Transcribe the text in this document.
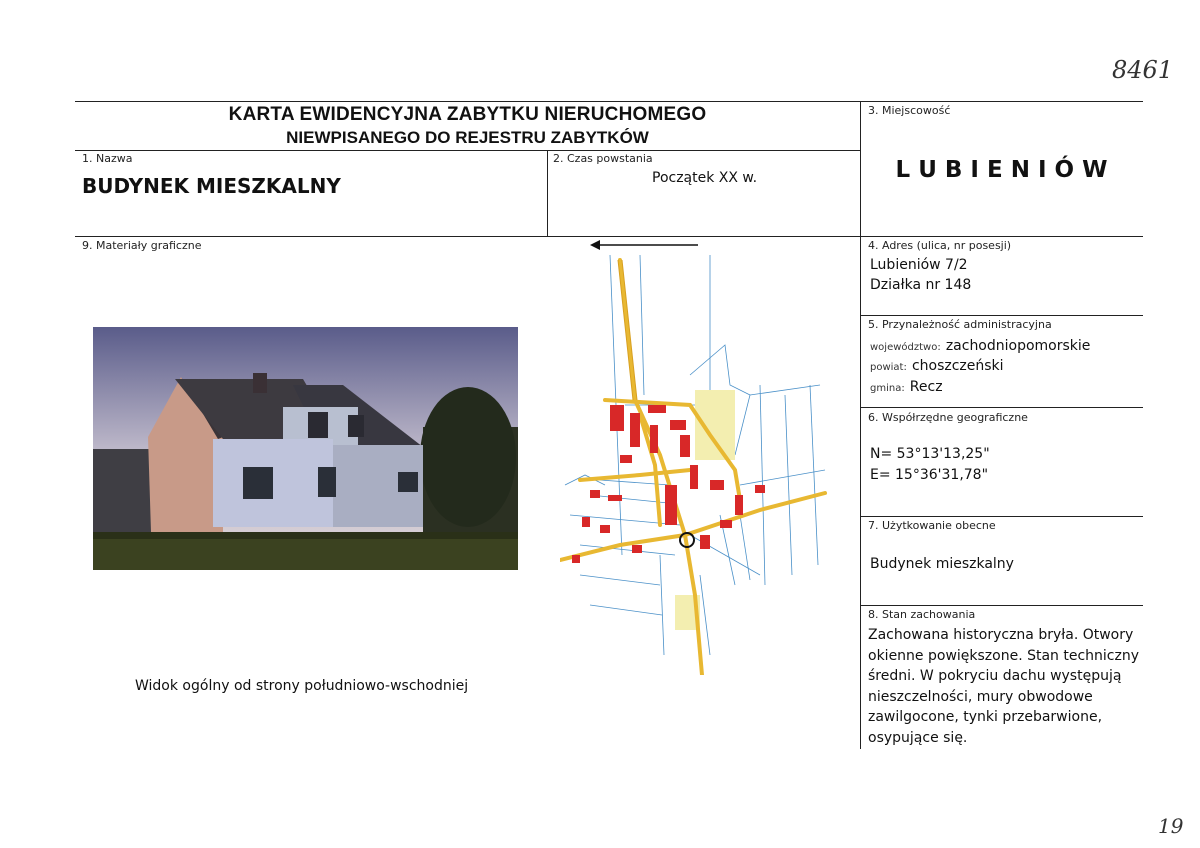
8461
19
KARTA EWIDENCYJNA ZABYTKU NIERUCHOMEGO
NIEWPISANEGO DO REJESTRU ZABYTKÓW
1. Nazwa
BUDYNEK MIESZKALNY
2. Czas powstania
Początek XX w.
3. Miejscowość
L U B I E N I Ó W
4. Adres (ulica, nr posesji)
Lubieniów 7/2
Działka nr 148
5. Przynależność administracyjna
województwo: zachodniopomorskie
powiat: choszczeński
gmina: Recz
6. Współrzędne geograficzne
N= 53°13'13,25"
E= 15°36'31,78"
7. Użytkowanie obecne
Budynek mieszkalny
8. Stan zachowania
Zachowana historyczna bryła. Otwory
okienne powiększone. Stan techniczny
średni. W pokryciu dachu występują
nieszczelności, mury obwodowe
zawilgocone, tynki przebarwione,
osypujące się.
9. Materiały graficzne
Widok ogólny od strony południowo-wschodniej
